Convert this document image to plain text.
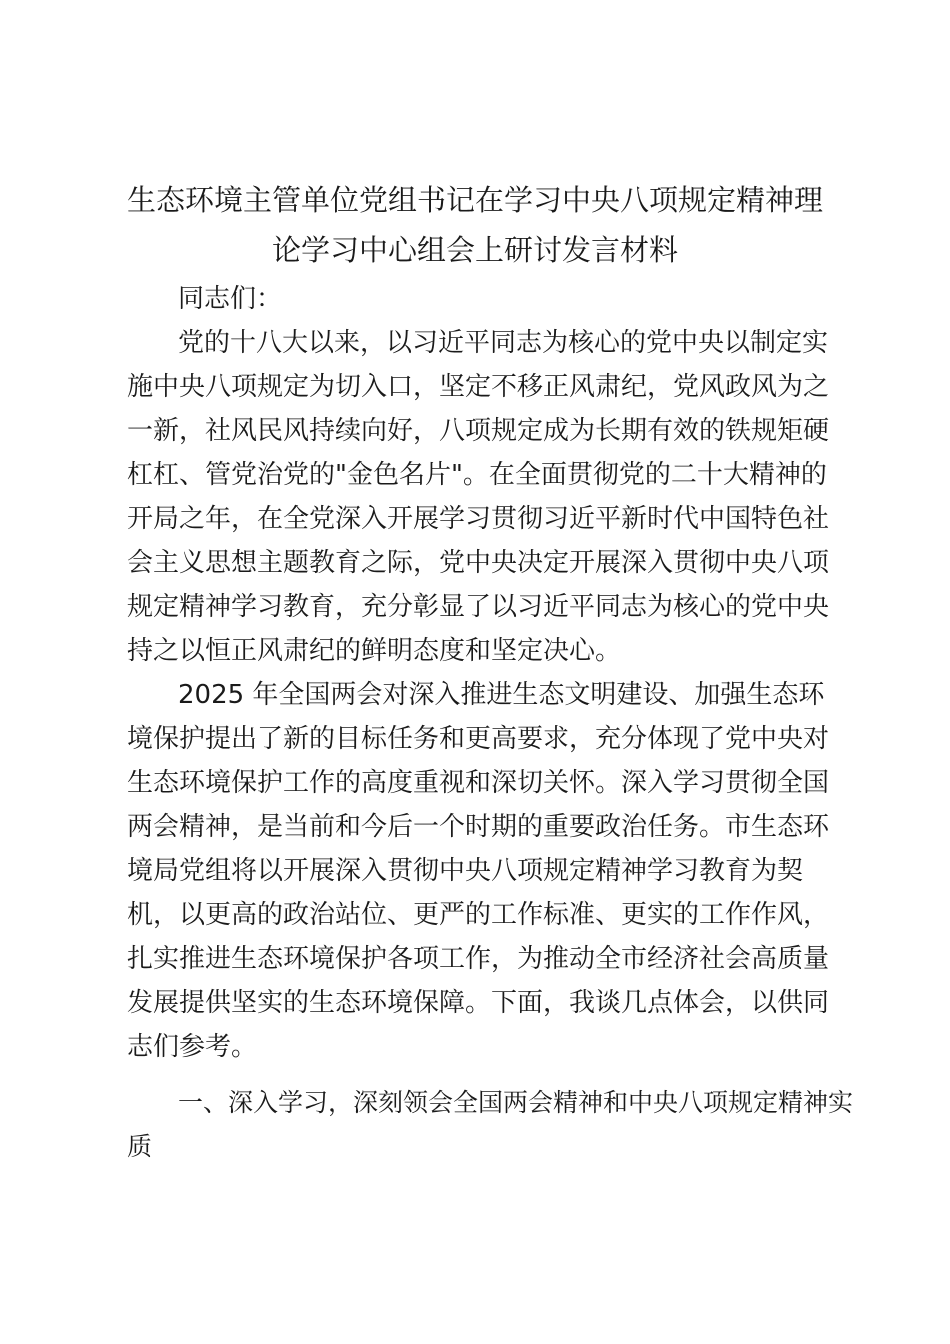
生态环境主管单位党组书记在学习中央八项规定精神理
论学习中心组会上研讨发言材料
同志们：
党的十八大以来，以习近平同志为核心的党中央以制定实
施中央八项规定为切入口，坚定不移正风肃纪，党风政风为之
一新，社风民风持续向好，八项规定成为长期有效的铁规矩硬
杠杠、管党治党的"金色名片"。在全面贯彻党的二十大精神的
开局之年，在全党深入开展学习贯彻习近平新时代中国特色社
会主义思想主题教育之际，党中央决定开展深入贯彻中央八项
规定精神学习教育，充分彰显了以习近平同志为核心的党中央
持之以恒正风肃纪的鲜明态度和坚定决心。
2025 年全国两会对深入推进生态文明建设、加强生态环
境保护提出了新的目标任务和更高要求，充分体现了党中央对
生态环境保护工作的高度重视和深切关怀。深入学习贯彻全国
两会精神，是当前和今后一个时期的重要政治任务。市生态环
境局党组将以开展深入贯彻中央八项规定精神学习教育为契
机，以更高的政治站位、更严的工作标准、更实的工作作风，
扎实推进生态环境保护各项工作，为推动全市经济社会高质量
发展提供坚实的生态环境保障。下面，我谈几点体会，以供同
志们参考。
一、深入学习，深刻领会全国两会精神和中央八项规定精神实
质
